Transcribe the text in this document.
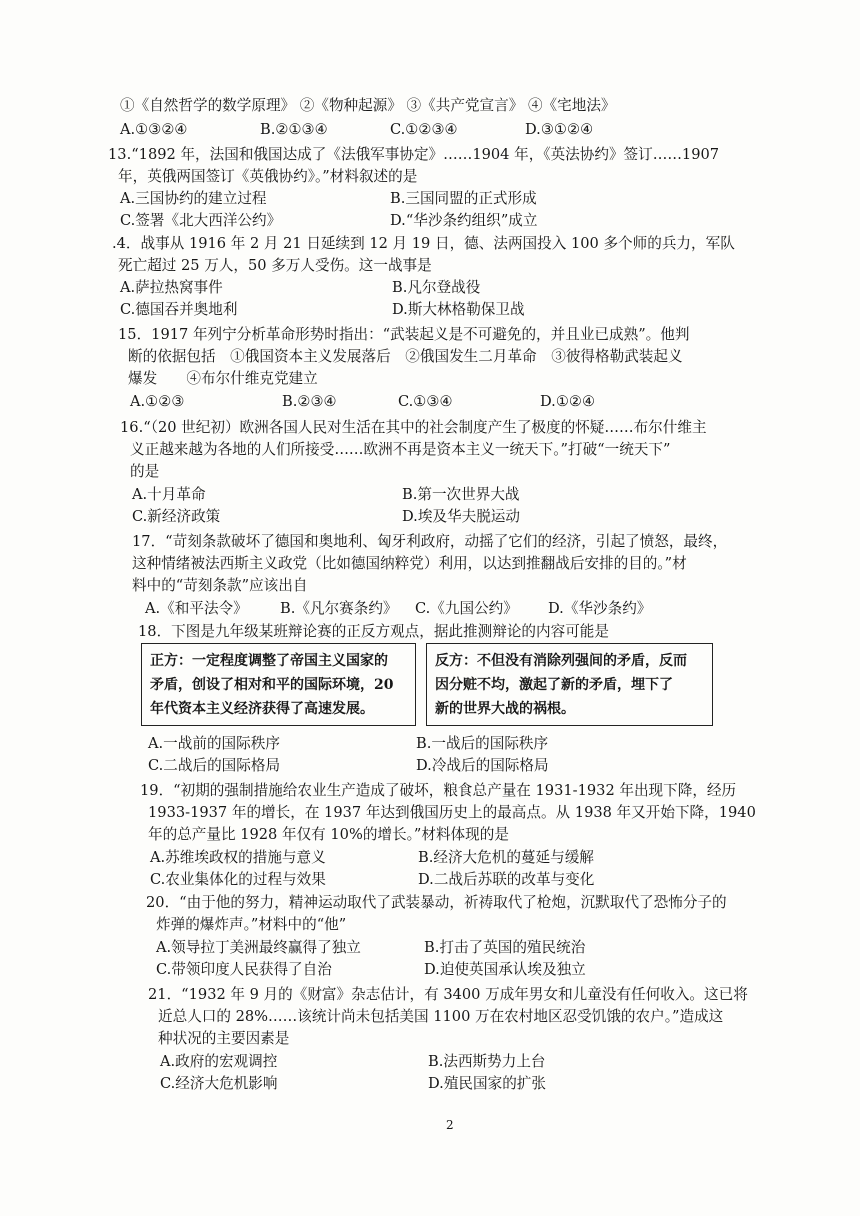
①《自然哲学的数学原理》 ②《物种起源》 ③《共产党宣言》 ④《宅地法》
A.①③②④	B.②①③④	C.①②③④	D.③①②④
13.“1892 年，法国和俄国达成了《法俄军事协定》……1904 年，《英法协约》签订……1907
年，英俄两国签订《英俄协约》。”材料叙述的是
A.三国协约的建立过程	B.三国同盟的正式形成
C.签署《北大西洋公约》	D.“华沙条约组织”成立
.4．战事从 1916 年 2 月 21 日延续到 12 月 19 日，德、法两国投入 100 多个师的兵力，军队
死亡超过 25 万人，50 多万人受伤。这一战事是
A.萨拉热窝事件	B.凡尔登战役
C.德国吞并奥地利	D.斯大林格勒保卫战
15．1917 年列宁分析革命形势时指出：“武装起义是不可避免的，并且业已成熟”。他判
断的依据包括　①俄国资本主义发展落后　②俄国发生二月革命　③彼得格勒武装起义
爆发　　④布尔什维克党建立
A.①②③	B.②③④	C.①③④	D.①②④
16.“（20 世纪初）欧洲各国人民对生活在其中的社会制度产生了极度的怀疑……布尔什维主
义正越来越为各地的人们所接受……欧洲不再是资本主义一统天下。”打破“一统天下”
的是
A.十月革命	B.第一次世界大战
C.新经济政策	D.埃及华夫脱运动
17．“苛刻条款破坏了德国和奥地利、匈牙利政府，动摇了它们的经济，引起了愤怒，最终，
这种情绪被法西斯主义政党（比如德国纳粹党）利用，以达到推翻战后安排的目的。”材
料中的“苛刻条款”应该出自
A.《和平法令》 B.《凡尔赛条约》 C.《九国公约》 D.《华沙条约》
18．下图是九年级某班辩论赛的正反方观点，据此推测辩论的内容可能是
正方：一定程度调整了帝国主义国家的
矛盾，创设了相对和平的国际环境，20
年代资本主义经济获得了高速发展。
反方：不但没有消除列强间的矛盾，反而
因分赃不均，激起了新的矛盾，埋下了
新的世界大战的祸根。
A.一战前的国际秩序	B.一战后的国际秩序
C.二战后的国际格局	D.冷战后的国际格局
19．“初期的强制措施给农业生产造成了破坏，粮食总产量在 1931-1932 年出现下降，经历
1933-1937 年的增长，在 1937 年达到俄国历史上的最高点。从 1938 年又开始下降，1940
年的总产量比 1928 年仅有 10%的增长。”材料体现的是
A.苏维埃政权的措施与意义	B.经济大危机的蔓延与缓解
C.农业集体化的过程与效果	D.二战后苏联的改革与变化
20．“由于他的努力，精神运动取代了武装暴动，祈祷取代了枪炮，沉默取代了恐怖分子的
炸弹的爆炸声。”材料中的“他”
A.领导拉丁美洲最终赢得了独立	B.打击了英国的殖民统治
C.带领印度人民获得了自治	D.迫使英国承认埃及独立
21．“1932 年 9 月的《财富》杂志估计，有 3400 万成年男女和儿童没有任何收入。这已将
近总人口的 28%……该统计尚未包括美国 1100 万在农村地区忍受饥饿的农户。”造成这
种状况的主要因素是
A.政府的宏观调控	B.法西斯势力上台
C.经济大危机影响	D.殖民国家的扩张
2
